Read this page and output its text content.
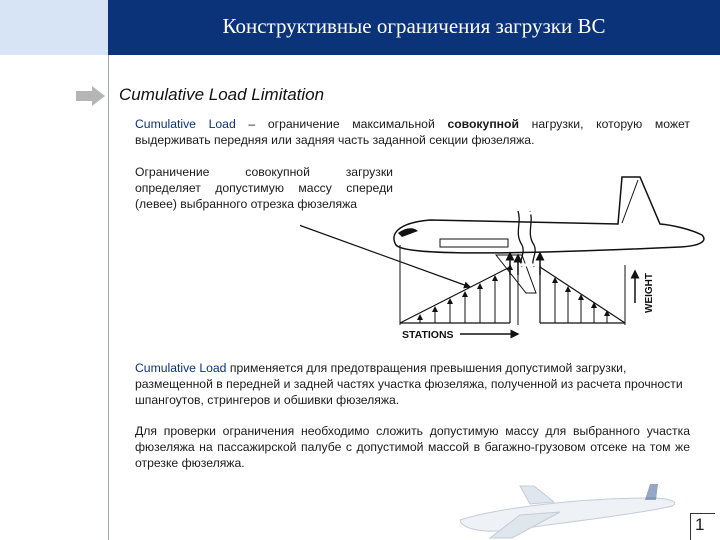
Конструктивные ограничения загрузки ВС
Cumulative Load Limitation
Cumulative Load – ограничение максимальной совокупной нагрузки, которую может выдерживать передняя или задняя часть заданной секции фюзеляжа.
Ограничение совокупной загрузки определяет допустимую массу спереди (левее) выбранного отрезка фюзеляжа
STATIONS
WEIGHT
Cumulative Load применяется для предотвращения превышения допустимой загрузки, размещенной в передней и задней частях участка фюзеляжа, полученной из расчета прочности шпангоутов, стрингеров и обшивки фюзеляжа.
Для проверки ограничения необходимо сложить допустимую массу для выбранного участка фюзеляжа на пассажирской палубе с допустимой массой в багажно-грузовом отсеке на том же отрезке фюзеляжа.
1
